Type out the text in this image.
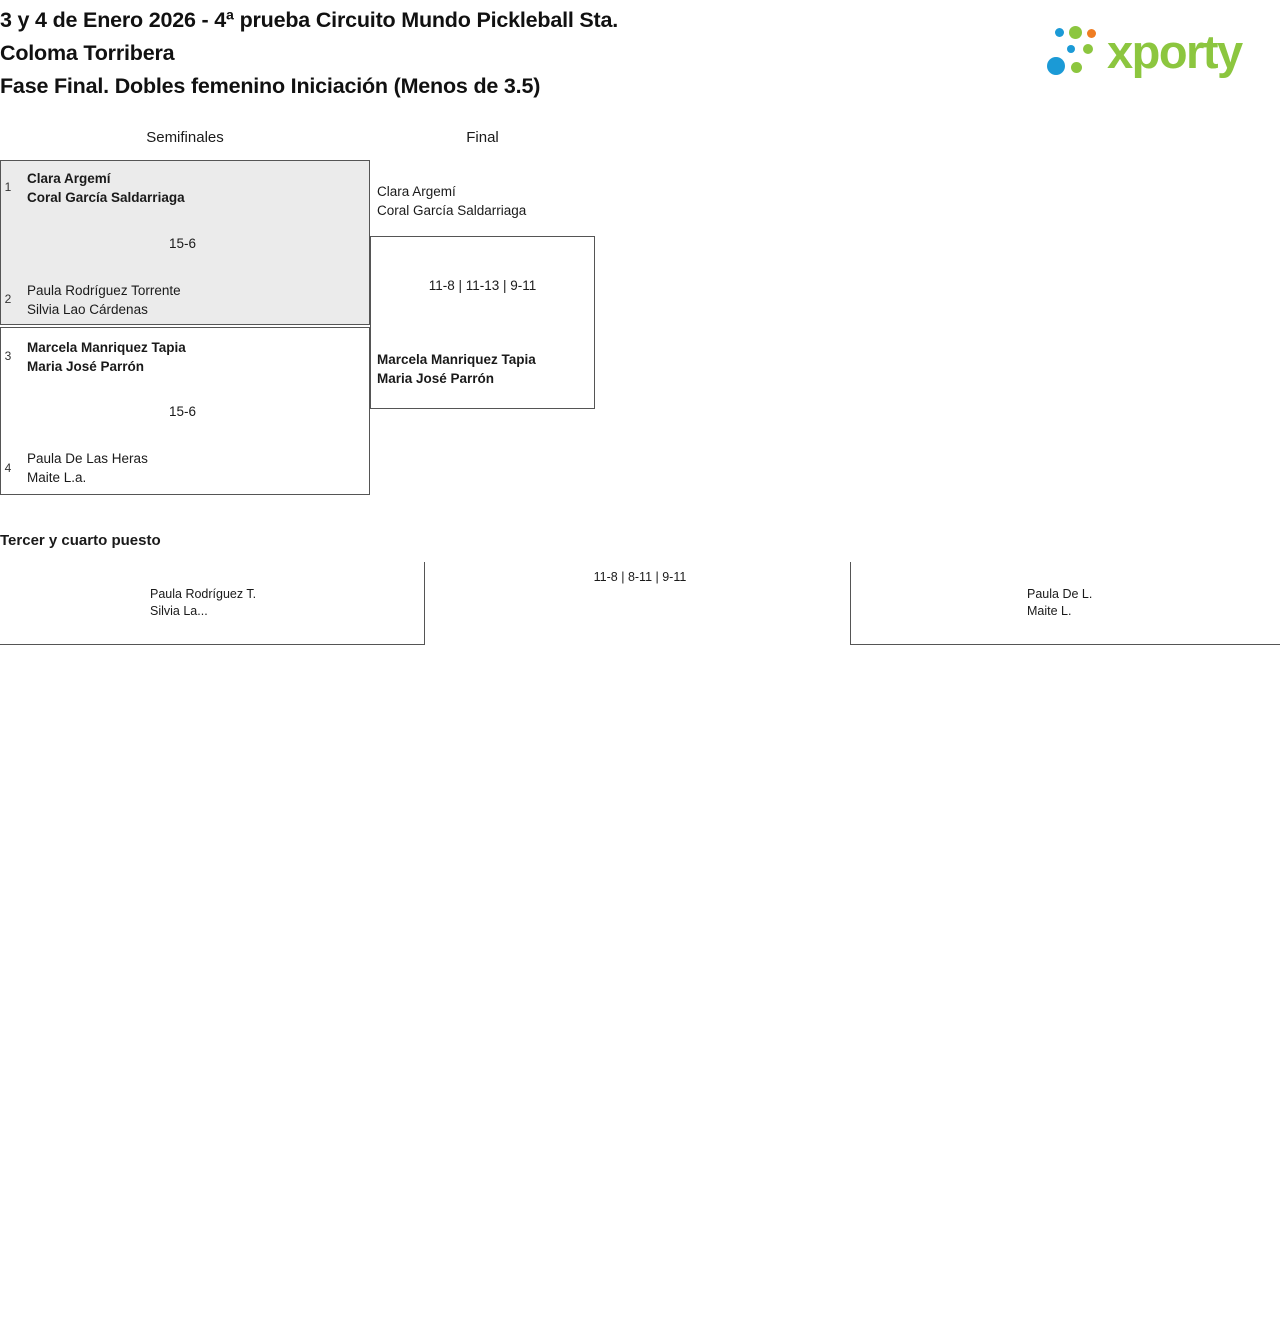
3 y 4 de Enero 2026 - 4ª prueba Circuito Mundo Pickleball Sta.
Coloma Torribera
Fase Final. Dobles femenino Iniciación (Menos de 3.5)
xporty
Semifinales	Final
1
Clara Argemí
Coral García Saldarriaga
2
Paula Rodríguez Torrente
Silvia Lao Cárdenas
15-6
3
Marcela Manriquez Tapia
Maria José Parrón
4
Paula De Las Heras
Maite L.a.
15-6
Clara Argemí
Coral García Saldarriaga
Marcela Manriquez Tapia
Maria José Parrón
11-8 | 11-13 | 9-11
Tercer y cuarto puesto
Paula Rodríguez T.
Silvia La...
Paula De L.
Maite L.
11-8 | 8-11 | 9-11
